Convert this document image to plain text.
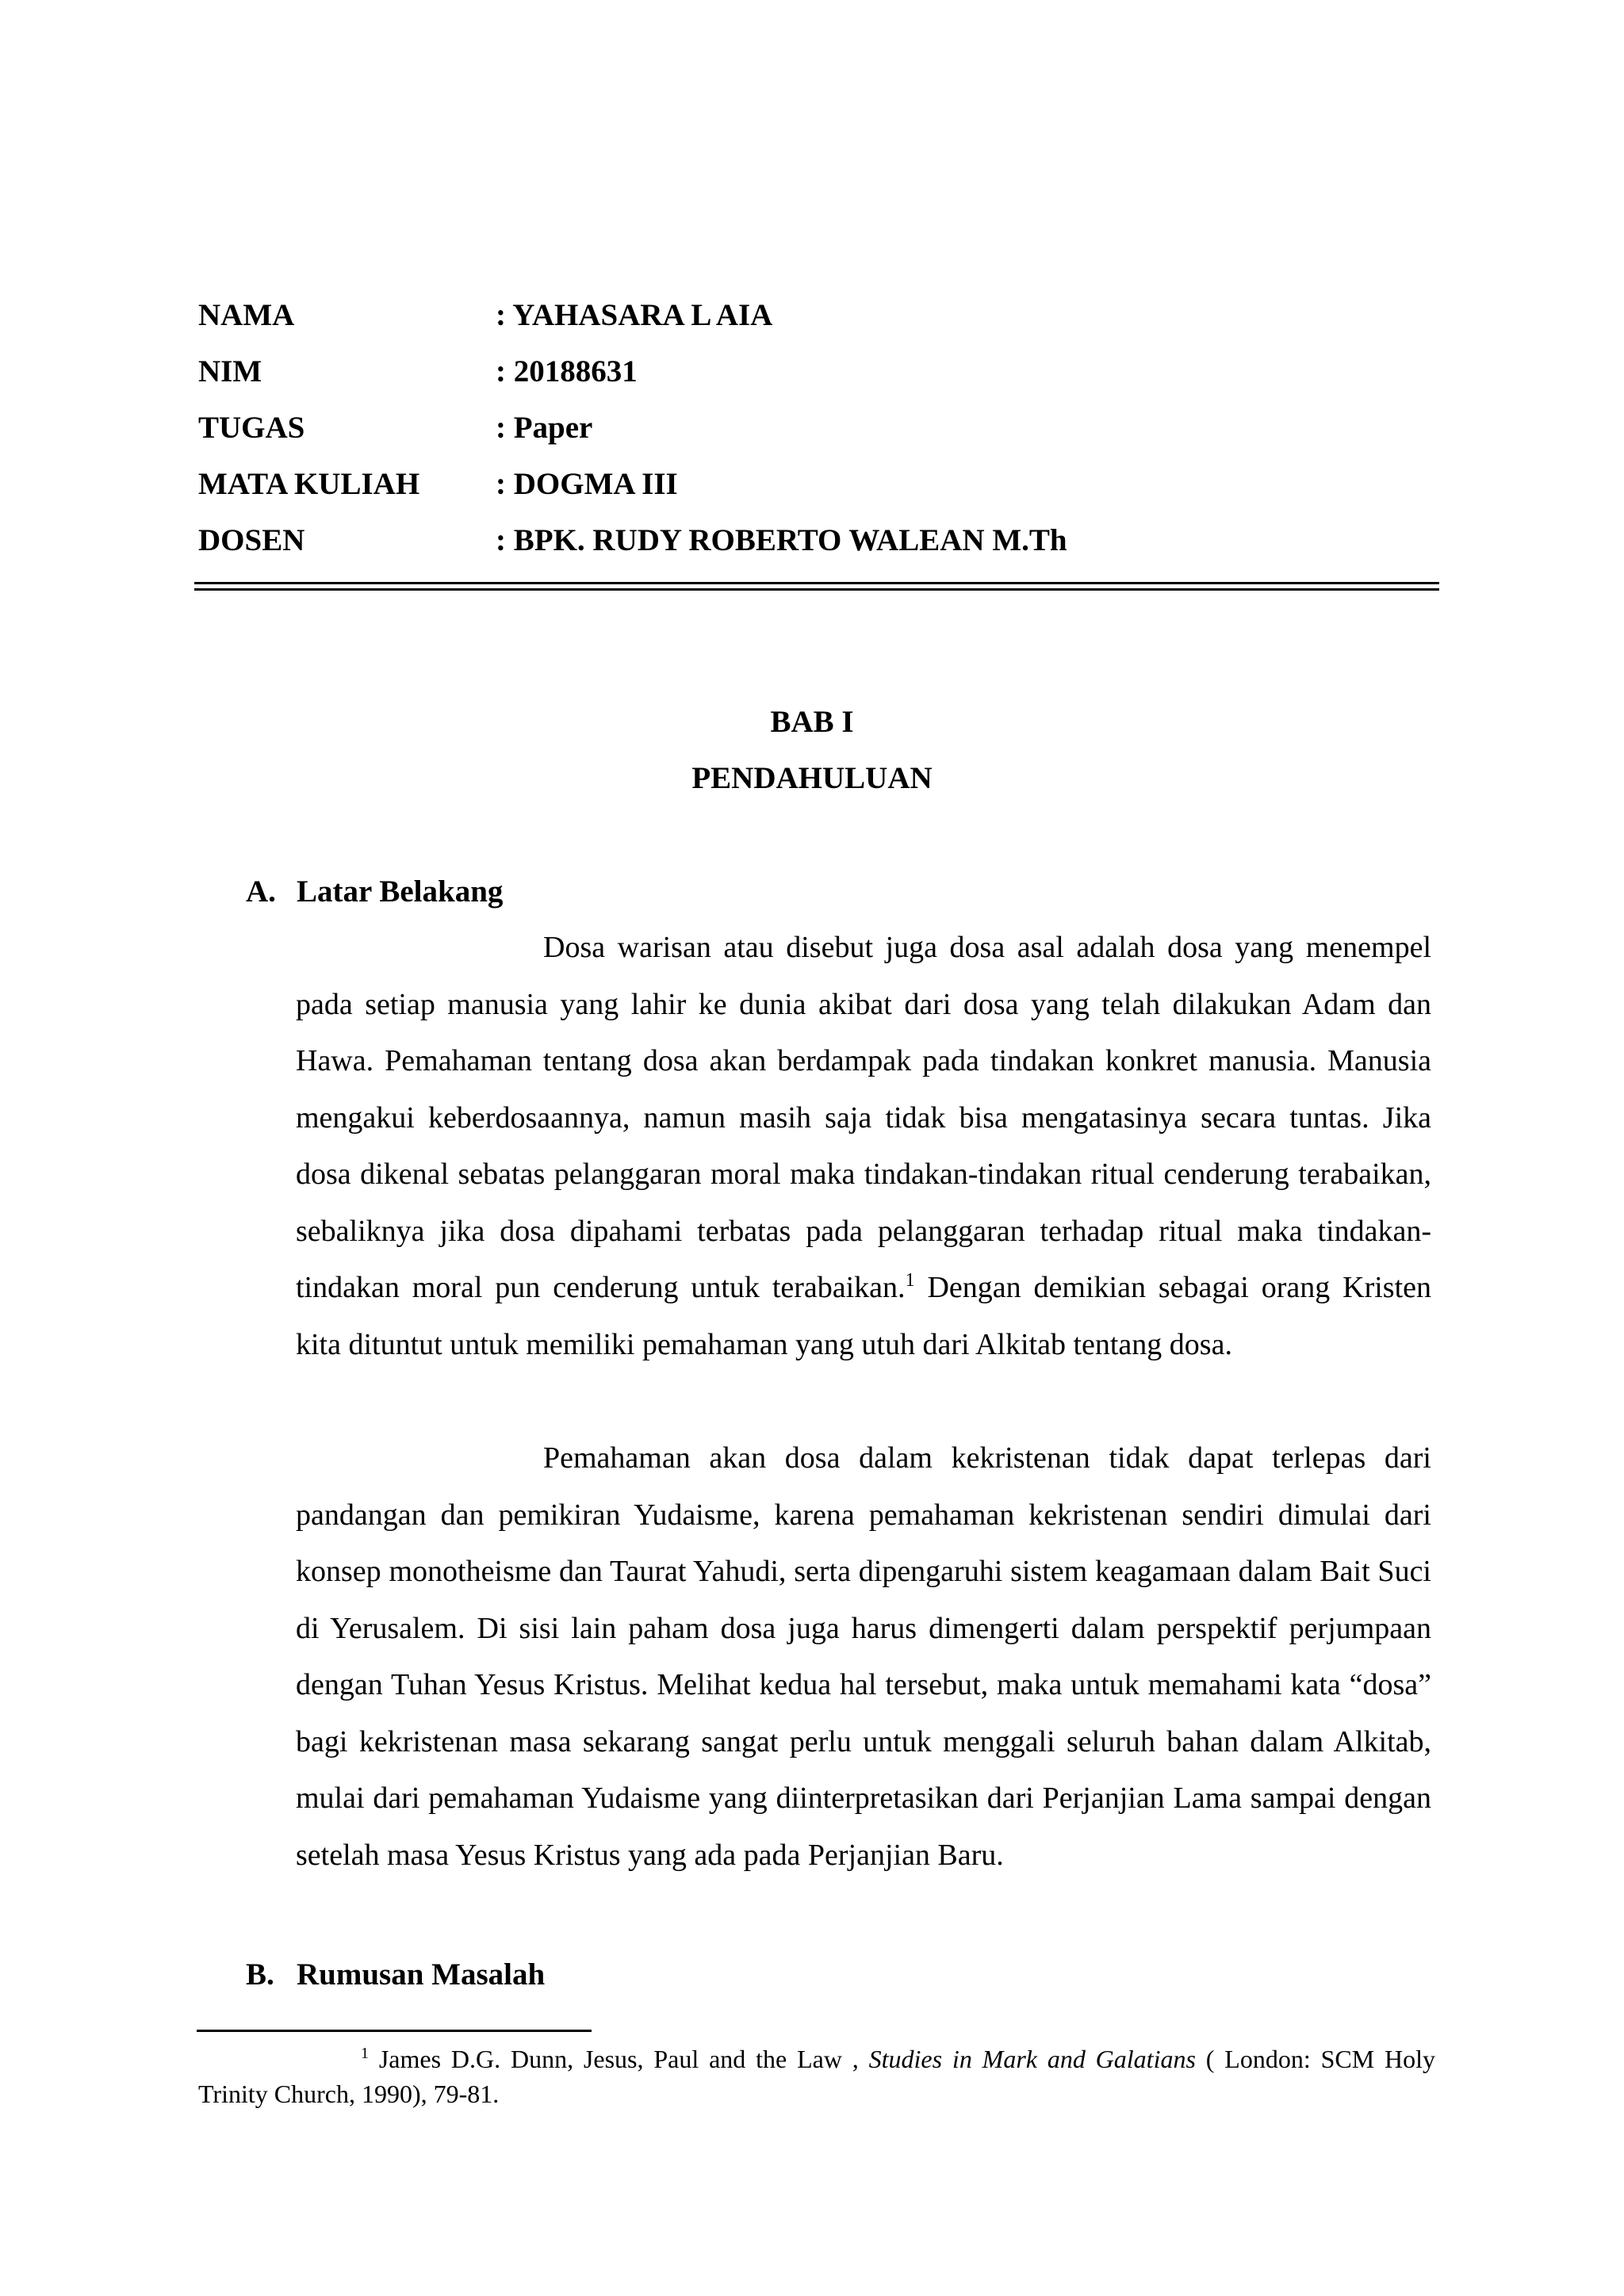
NAMA	: YAHASARA L AIA
NIM	: 20188631
TUGAS	: Paper
MATA KULIAH : DOGMA III
DOSEN	: BPK. RUDY ROBERTO WALEAN M.Th
BAB I
PENDAHULUAN
A. Latar Belakang
Dosa warisan atau disebut juga dosa asal adalah dosa yang menempel pada setiap manusia yang lahir ke dunia akibat dari dosa yang telah dilakukan Adam dan Hawa. Pemahaman tentang dosa akan berdampak pada tindakan konkret manusia. Manusia mengakui keberdosaannya, namun masih saja tidak bisa mengatasinya secara tuntas. Jika dosa dikenal sebatas pelanggaran moral maka tindakan-tindakan ritual cenderung terabaikan, sebaliknya jika dosa dipahami terbatas pada pelanggaran terhadap ritual maka tindakan-tindakan moral pun cenderung untuk terabaikan.$^1$ Dengan demikian sebagai orang Kristen kita dituntut untuk memiliki pemahaman yang utuh dari Alkitab tentang dosa.
Pemahaman akan dosa dalam kekristenan tidak dapat terlepas dari pandangan dan pemikiran Yudaisme, karena pemahaman kekristenan sendiri dimulai dari konsep monotheisme dan Taurat Yahudi, serta dipengaruhi sistem keagamaan dalam Bait Suci di Yerusalem. Di sisi lain paham dosa juga harus dimengerti dalam perspektif perjumpaan dengan Tuhan Yesus Kristus. Melihat kedua hal tersebut, maka untuk memahami kata “dosa” bagi kekristenan masa sekarang sangat perlu untuk menggali seluruh bahan dalam Alkitab, mulai dari pemahaman Yudaisme yang diinterpretasikan dari Perjanjian Lama sampai dengan setelah masa Yesus Kristus yang ada pada Perjanjian Baru.
B. Rumusan Masalah
$^1$ James D.G. Dunn, Jesus, Paul and the Law , Studies in Mark and Galatians ( London: SCM Holy Trinity Church, 1990), 79-81.
